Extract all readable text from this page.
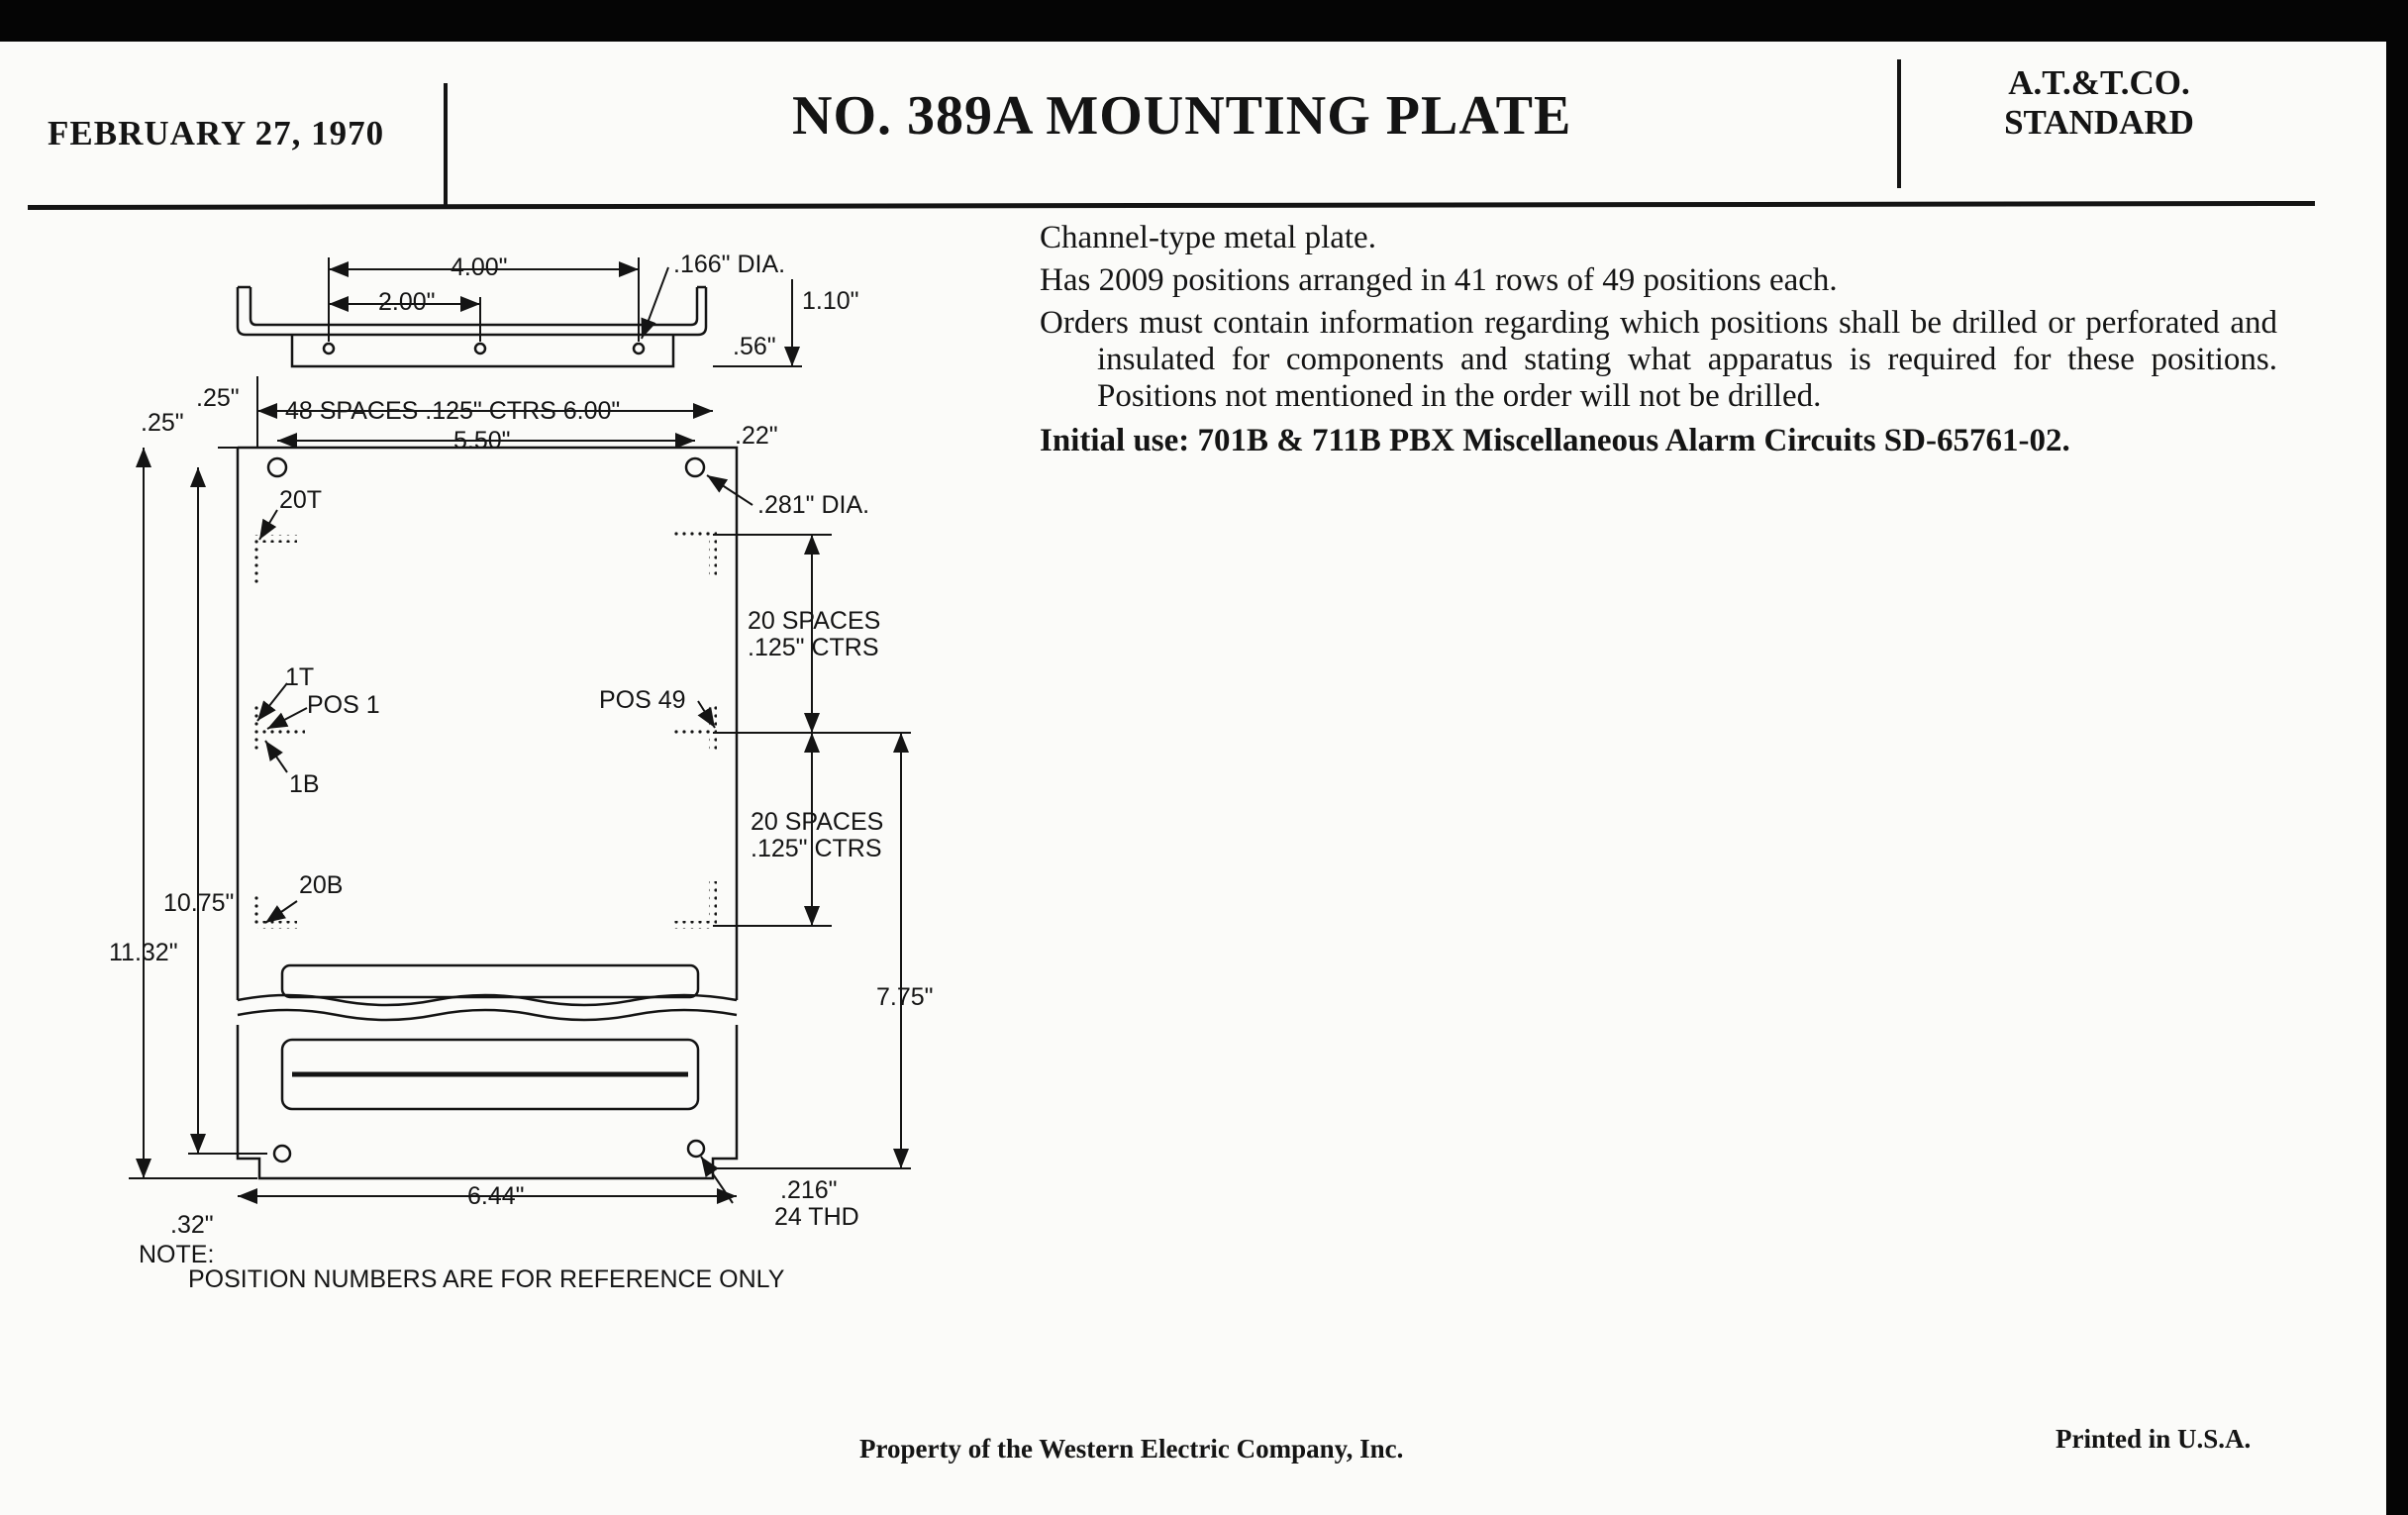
FEBRUARY 27, 1970	NO. 389A MOUNTING PLATE
A.T.&T.CO.
STANDARD

Channel-type metal plate.

Has 2009 positions arranged in 41 rows of 49 positions each.

Orders must contain information regarding which positions shall be drilled or perforated and insulated for components and stating what apparatus is required for these positions. Positions not mentioned in the order will not be drilled.

Initial use: 701B & 711B PBX Miscellaneous Alarm Circuits SD-65761-02.

4.00"
2.00"
.166" DIA.
1.10"
.56"
.25"
.25"	48 SPACES .125" CTRS 6.00"
5.50"	.22"
.281" DIA.
20T
20 SPACES
.125" CTRS
1T
POS 1
1B
POS 49
20 SPACES
.125" CTRS
20B
10.75"
11.32"
7.75"
6.44"	.216"
24 THD
.32"
NOTE:
POSITION NUMBERS ARE FOR REFERENCE ONLY
Property of the Western Electric Company, Inc.	Printed in U.S.A.
